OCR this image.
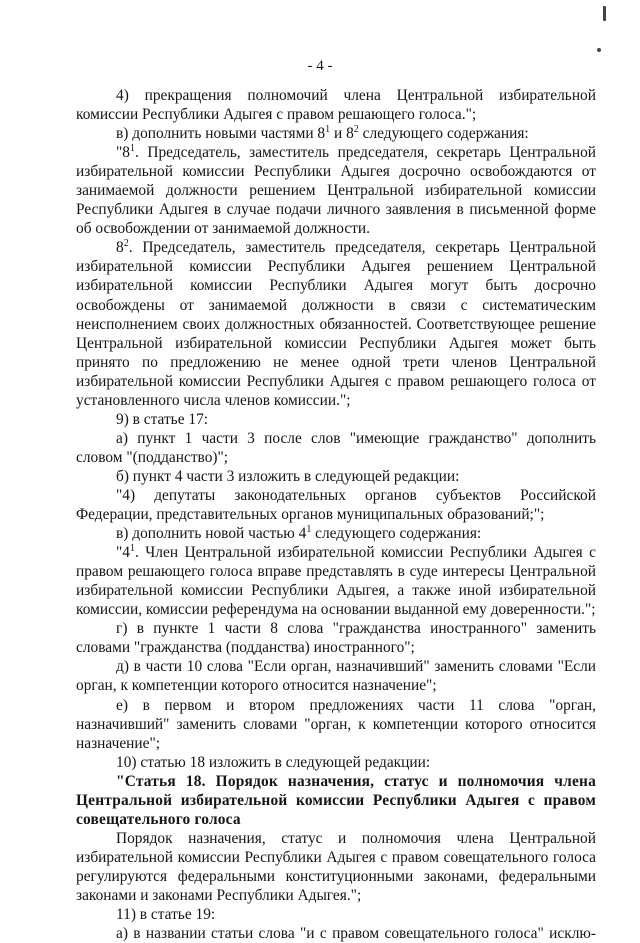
- 4 -

4) прекращения полномочий члена Центральной избирательной комиссии Республики Адыгея с правом решающего голоса.";

в) дополнить новыми частями $8^1$ и $8^2$ следующего содержания:

"$8^1$. Председатель, заместитель председателя, секретарь Центральной избирательной комиссии Республики Адыгея досрочно освобождаются от занимаемой должности решением Центральной избирательной комиссии Республики Адыгея в случае подачи личного заявления в письменной форме об освобождении от занимаемой должности.

$8^2$. Председатель, заместитель председателя, секретарь Центральной избирательной комиссии Республики Адыгея решением Центральной избирательной комиссии Республики Адыгея могут быть досрочно освобождены от занимаемой должности в связи с систематическим неисполнением своих должностных обязанностей. Соответствующее решение Центральной избирательной комиссии Республики Адыгея может быть принято по предложению не менее одной трети членов Центральной избирательной комиссии Республики Адыгея с правом решающего голоса от установленного числа членов комиссии.";

9) в статье 17:

а) пункт 1 части 3 после слов "имеющие гражданство" дополнить словом "(подданство)";

б) пункт 4 части 3 изложить в следующей редакции:

"4) депутаты законодательных органов субъектов Российской Федерации, представительных органов муниципальных образований;";

в) дополнить новой частью $4^1$ следующего содержания:

"$4^1$. Член Центральной избирательной комиссии Республики Адыгея с правом решающего голоса вправе представлять в суде интересы Центральной избирательной комиссии Республики Адыгея, а также иной избирательной комиссии, комиссии референдума на основании выданной ему доверенности.";

г) в пункте 1 части 8 слова "гражданства иностранного" заменить словами "гражданства (подданства) иностранного";

д) в части 10 слова "Если орган, назначивший" заменить словами "Если орган, к компетенции которого относится назначение";

е) в первом и втором предложениях части 11 слова "орган, назначивший" заменить словами "орган, к компетенции которого относится назначение";

10) статью 18 изложить в следующей редакции:

"Статья 18. Порядок назначения, статус и полномочия члена Центральной избирательной комиссии Республики Адыгея с правом совещательного голоса

Порядок назначения, статус и полномочия члена Центральной избирательной комиссии Республики Адыгея с правом совещательного голоса регулируются федеральными конституционными законами, федеральными законами и законами Республики Адыгея.";

11) в статье 19:

а) в названии статьи слова "и с правом совещательного голоса" исклю-
